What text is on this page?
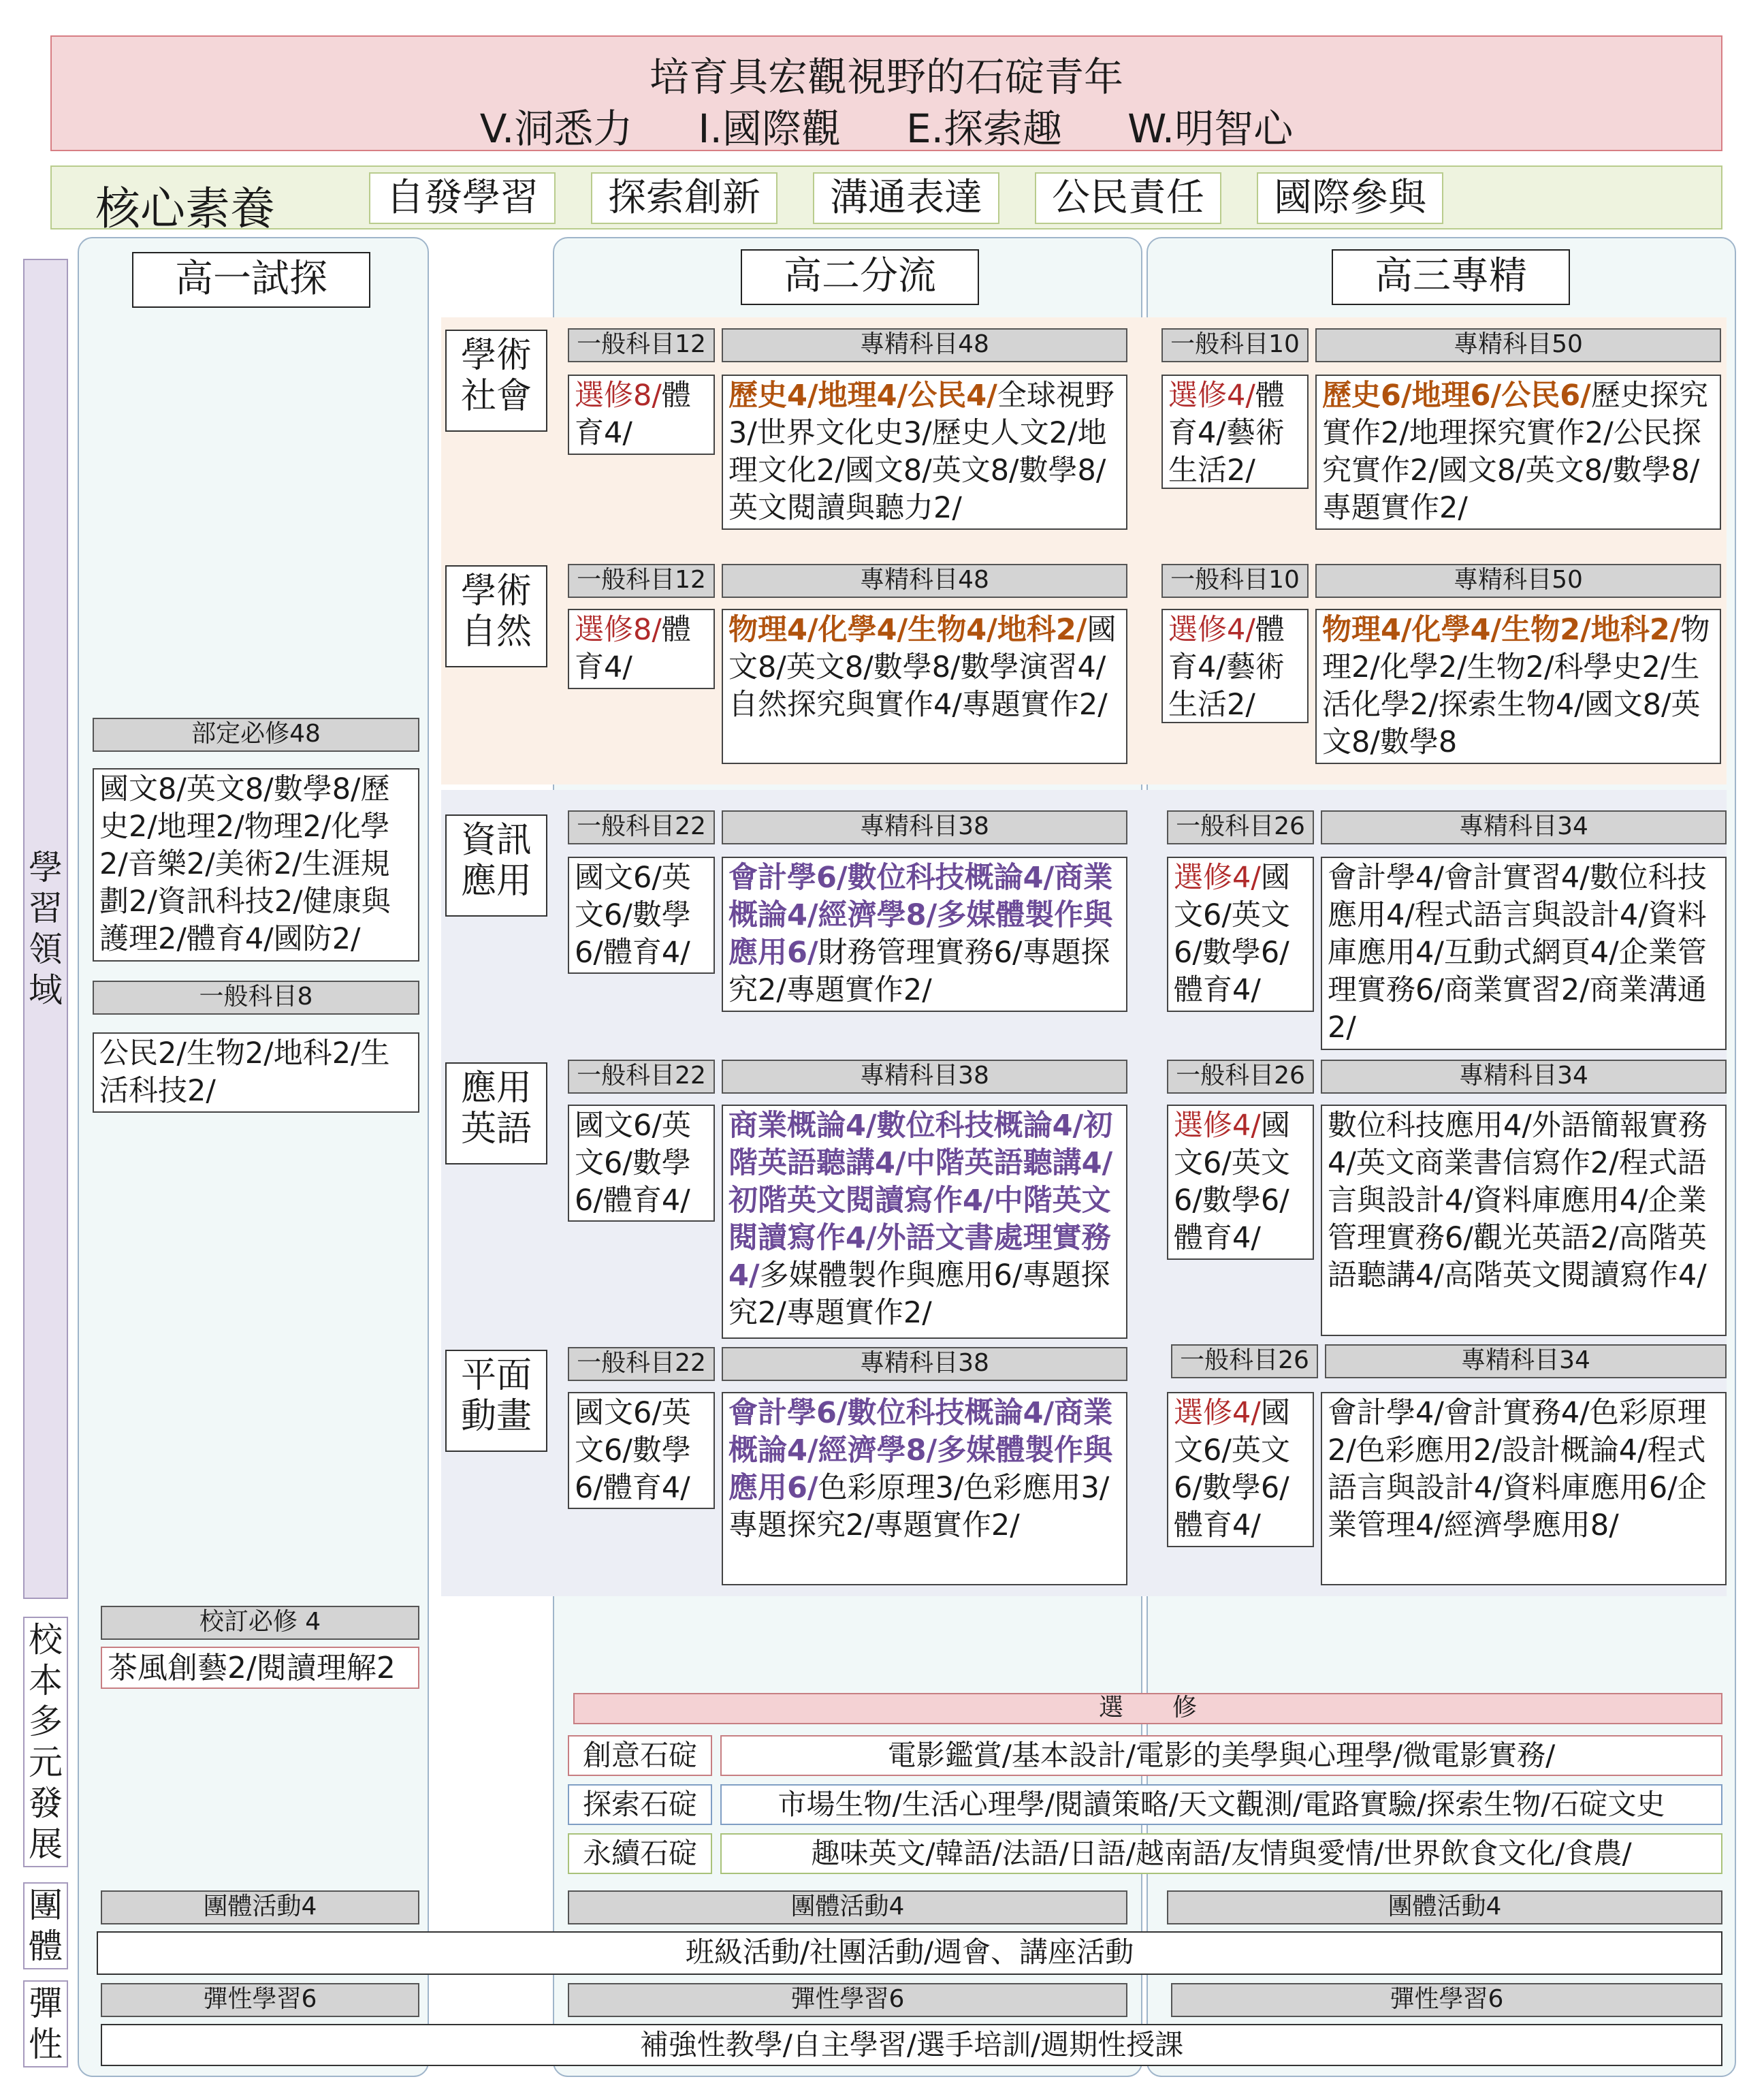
培育具宏觀視野的石碇青年
V.洞悉力 I.國際觀 E.探索趣 W.明智心
核心素養	自發學習	探索創新	溝通表達	公民責任	國際參與
學習領域
校本多元發展
團體
彈性
高一試探	高二分流	高三專精
部定必修48
國文8/英文8/數學8/歷史2/地理2/物理2/化學2/音樂2/美術2/生涯規劃2/資訊科技2/健康與護理2/體育4/國防2/
一般科目8
公民2/生物2/地科2/生活科技2/
校訂必修 4
茶風創藝2/閱讀理解2
學術社會
學術自然
資訊應用
應用英語
平面動畫
一般科目12	專精科目48
選修8/體育4/
歷史4/地理4/公民4/全球視野3/世界文化史3/歷史人文2/地理文化2/國文8/英文8/數學8/英文閱讀與聽力2/
一般科目10	專精科目50
選修4/體育4/藝術生活2/
歷史6/地理6/公民6/歷史探究實作2/地理探究實作2/公民探究實作2/國文8/英文8/數學8/專題實作2/
一般科目12	專精科目48
選修8/體育4/
物理4/化學4/生物4/地科2/國文8/英文8/數學8/數學演習4/自然探究與實作4/專題實作2/
一般科目10	專精科目50
選修4/體育4/藝術生活2/
物理4/化學4/生物2/地科2/物理2/化學2/生物2/科學史2/生活化學2/探索生物4/國文8/英文8/數學8
一般科目22	專精科目38
國文6/英文6/數學6/體育4/
會計學6/數位科技概論4/商業概論4/經濟學8/多媒體製作與應用6/財務管理實務6/專題探究2/專題實作2/
一般科目26	專精科目34
選修4/國文6/英文6/數學6/體育4/
會計學4/會計實習4/數位科技應用4/程式語言與設計4/資料庫應用4/互動式網頁4/企業管理實務6/商業實習2/商業溝通2/
一般科目22	專精科目38
國文6/英文6/數學6/體育4/
商業概論4/數位科技概論4/初階英語聽講4/中階英語聽講4/初階英文閱讀寫作4/中階英文閱讀寫作4/外語文書處理實務4/多媒體製作與應用6/專題探究2/專題實作2/
一般科目26	專精科目34
選修4/國文6/英文6/數學6/體育4/
數位科技應用4/外語簡報實務4/英文商業書信寫作2/程式語言與設計4/資料庫應用4/企業管理實務6/觀光英語2/高階英語聽講4/高階英文閱讀寫作4/
一般科目22	專精科目38
國文6/英文6/數學6/體育4/
會計學6/數位科技概論4/商業概論4/經濟學8/多媒體製作與應用6/色彩原理3/色彩應用3/專題探究2/專題實作2/
一般科目26	專精科目34
選修4/國文6/英文6/數學6/體育4/
會計學4/會計實務4/色彩原理2/色彩應用2/設計概論4/程式語言與設計4/資料庫應用6/企業管理4/經濟學應用8/
選　　修
創意石碇	電影鑑賞/基本設計/電影的美學與心理學/微電影實務/
探索石碇	市場生物/生活心理學/閱讀策略/天文觀測/電路實驗/探索生物/石碇文史
永續石碇	趣味英文/韓語/法語/日語/越南語/友情與愛情/世界飲食文化/食農/
團體活動4	團體活動4	團體活動4
班級活動/社團活動/週會、講座活動
彈性學習6	彈性學習6	彈性學習6
補強性教學/自主學習/選手培訓/週期性授課
